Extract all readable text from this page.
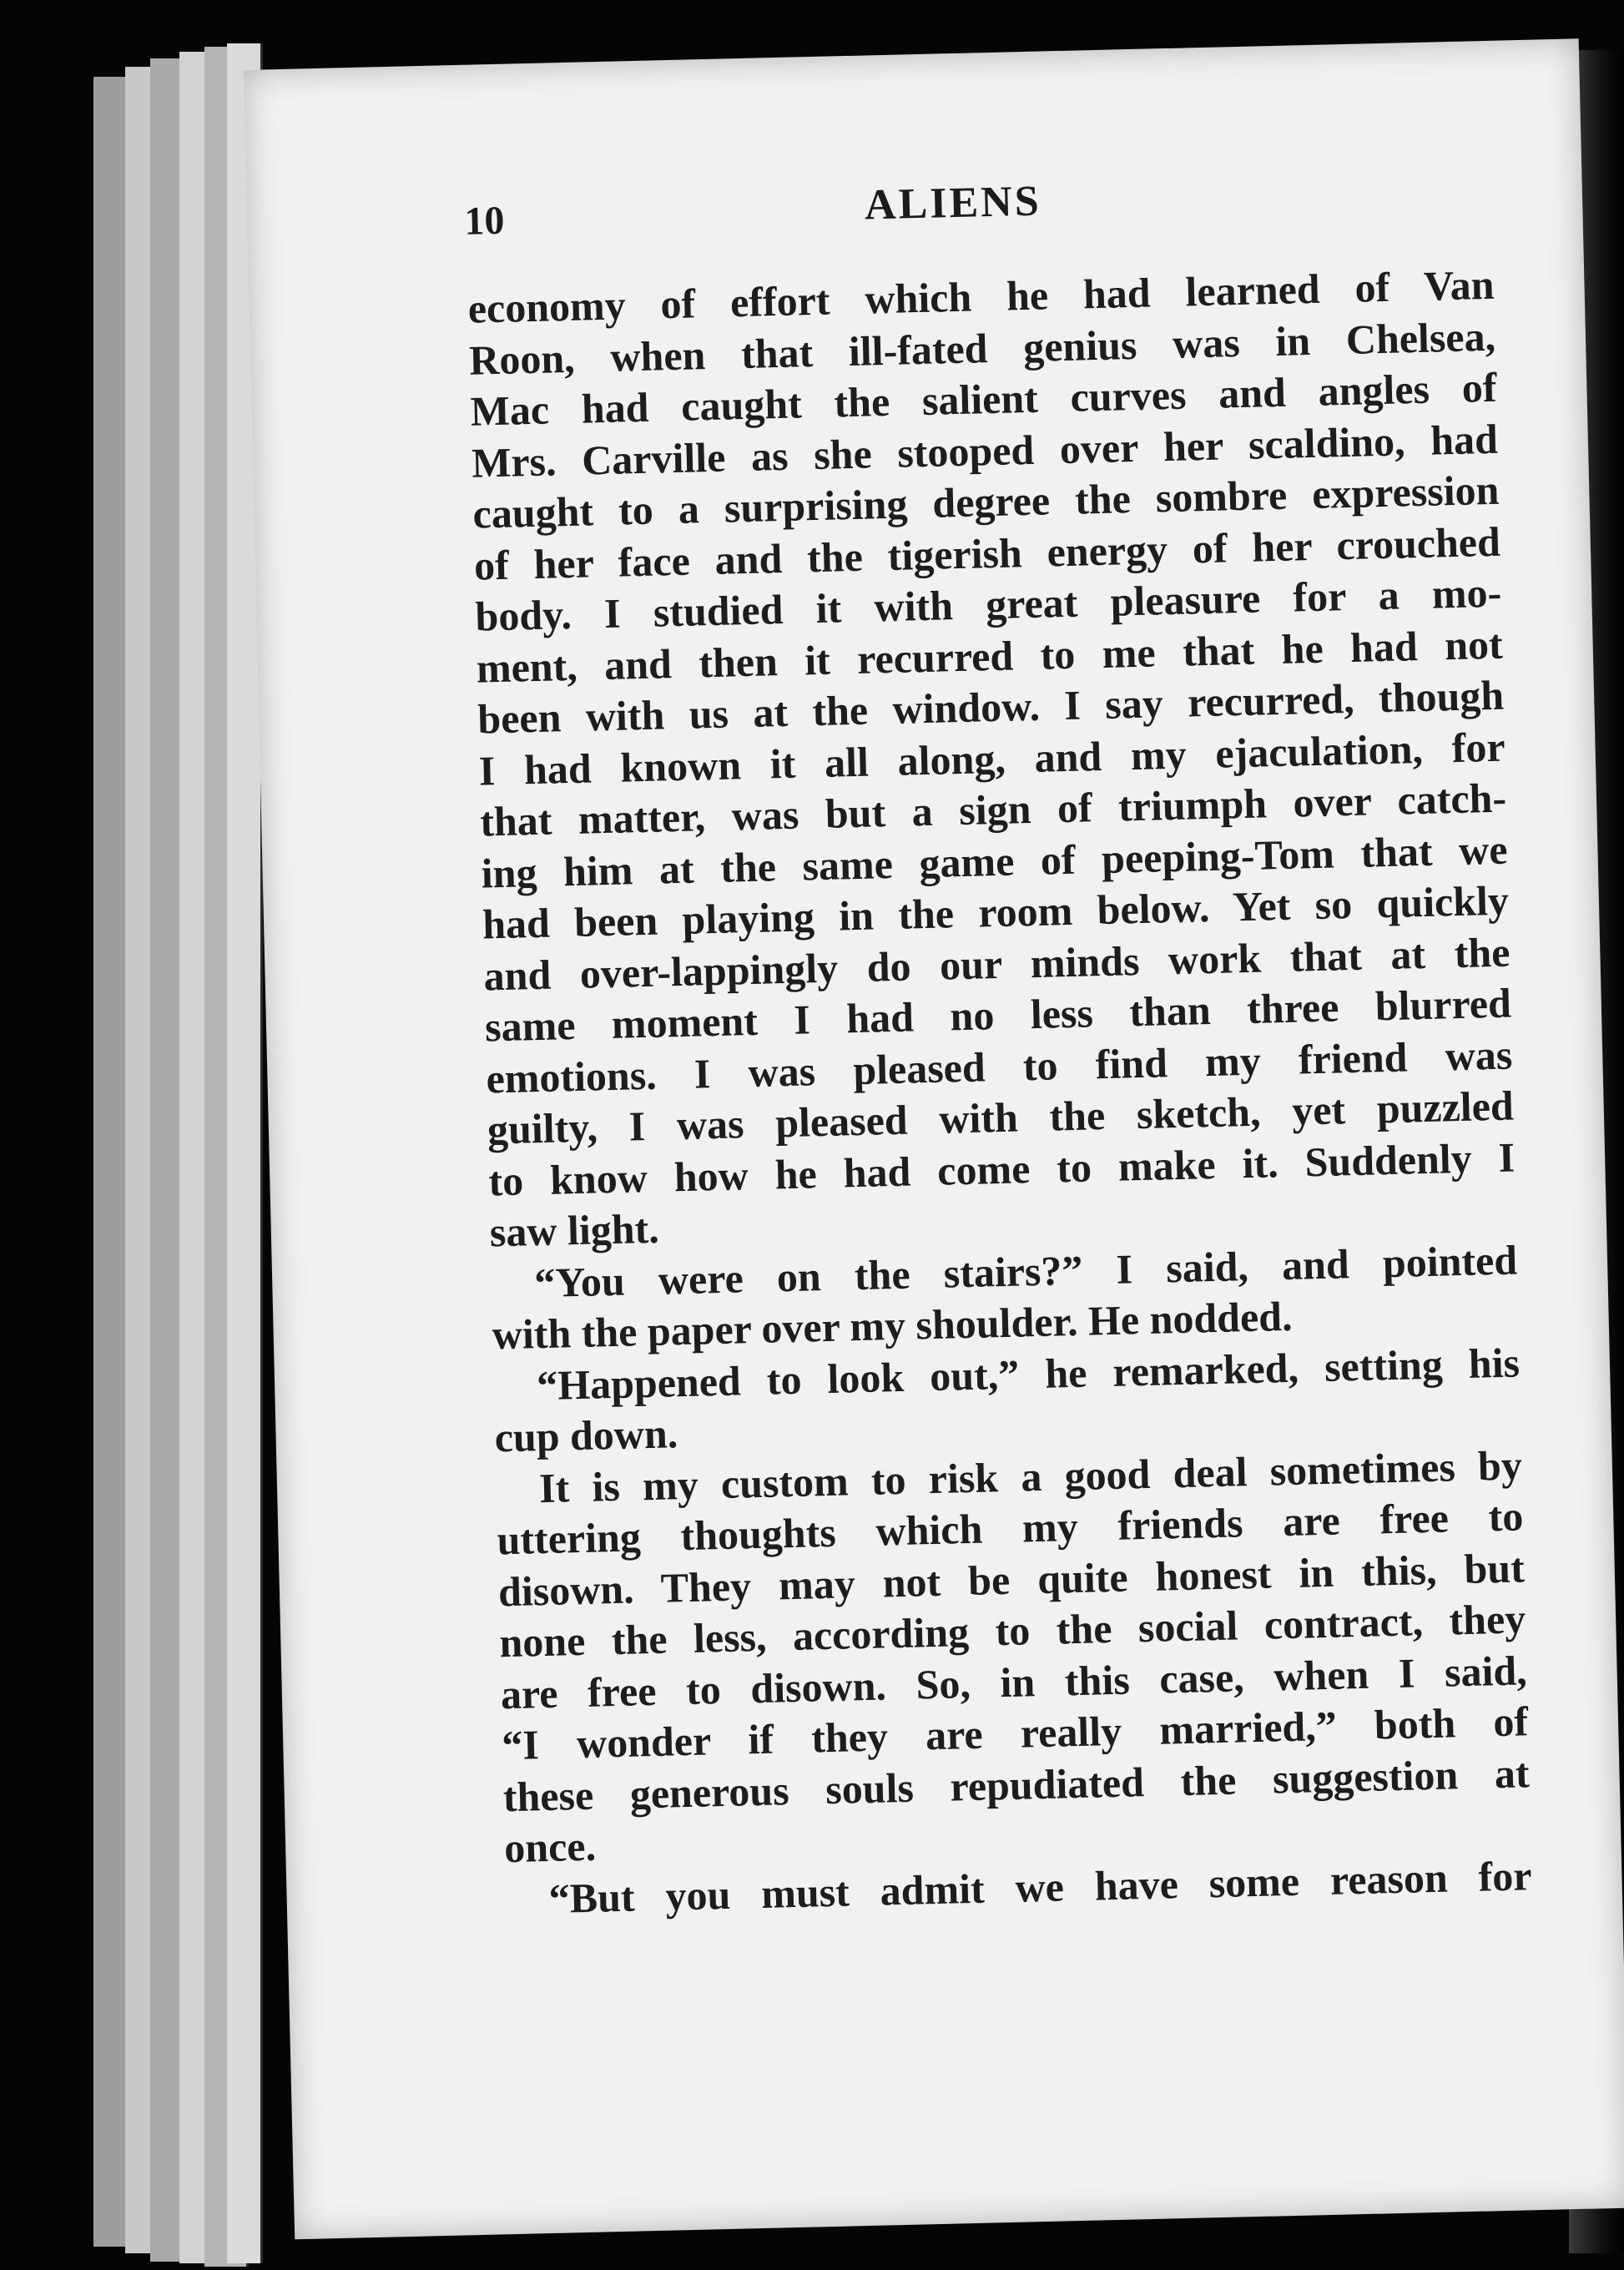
10	ALIENS
economy of effort which he had learned of Van
Roon, when that ill-fated genius was in Chelsea,
Mac had caught the salient curves and angles of
Mrs. Carville as she stooped over her scaldino, had
caught to a surprising degree the sombre expression
of her face and the tigerish energy of her crouched
body. I studied it with great pleasure for a mo-
ment, and then it recurred to me that he had not
been with us at the window. I say recurred, though
I had known it all along, and my ejaculation, for
that matter, was but a sign of triumph over catch-
ing him at the same game of peeping-Tom that we
had been playing in the room below. Yet so quickly
and over-lappingly do our minds work that at the
same moment I had no less than three blurred
emotions. I was pleased to find my friend was
guilty, I was pleased with the sketch, yet puzzled
to know how he had come to make it. Suddenly I
saw light.
“You were on the stairs?” I said, and pointed
with the paper over my shoulder. He nodded.
“Happened to look out,” he remarked, setting his
cup down.
It is my custom to risk a good deal sometimes by
uttering thoughts which my friends are free to
disown. They may not be quite honest in this, but
none the less, according to the social contract, they
are free to disown. So, in this case, when I said,
“I wonder if they are really married,” both of
these generous souls repudiated the suggestion at
once.
“But you must admit we have some reason for
